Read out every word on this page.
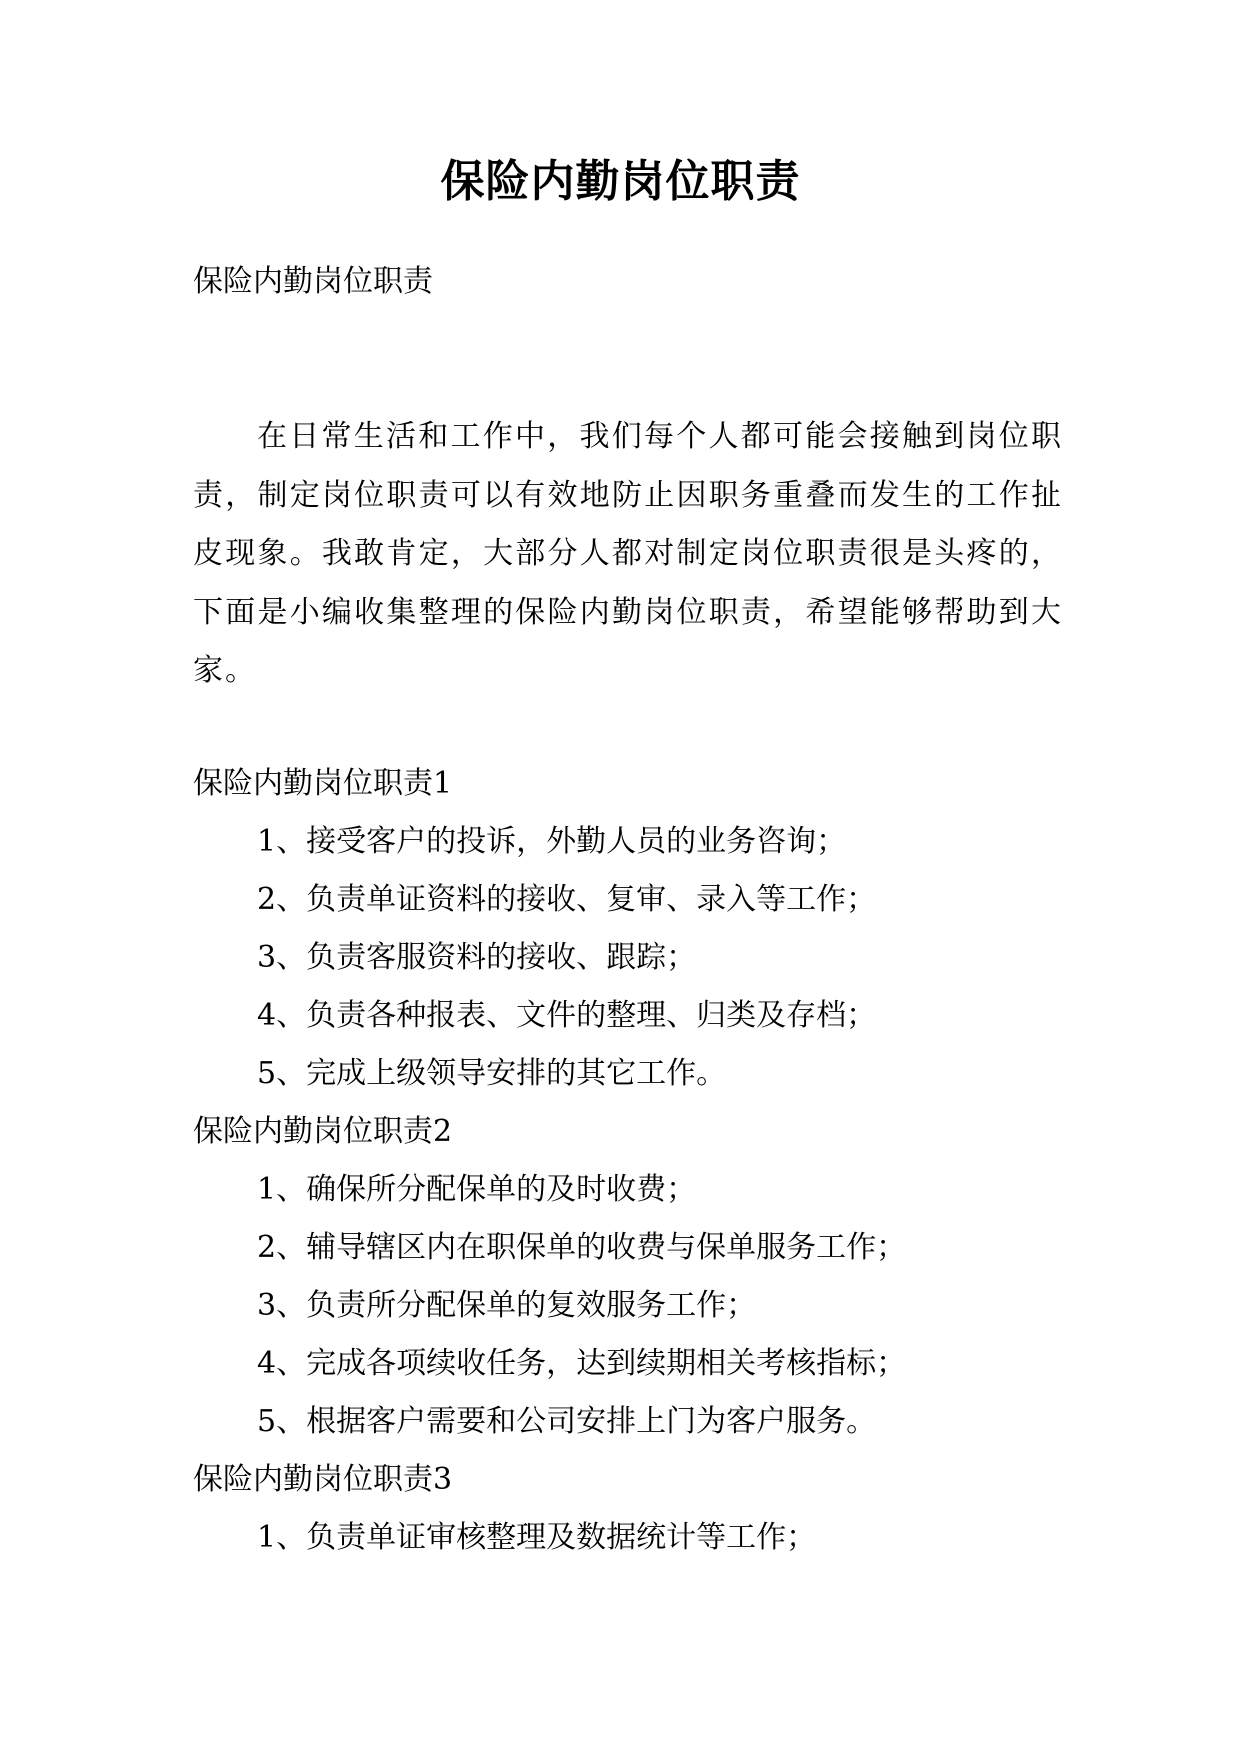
保险内勤岗位职责
保险内勤岗位职责
在日常生活和工作中，我们每个人都可能会接触到岗位职责，制定岗位职责可以有效地防止因职务重叠而发生的工作扯皮现象。我敢肯定，大部分人都对制定岗位职责很是头疼的，下面是小编收集整理的保险内勤岗位职责，希望能够帮助到大家。
保险内勤岗位职责1
1、接受客户的投诉，外勤人员的业务咨询；
2、负责单证资料的接收、复审、录入等工作；
3、负责客服资料的接收、跟踪；
4、负责各种报表、文件的整理、归类及存档；
5、完成上级领导安排的其它工作。
保险内勤岗位职责2
1、确保所分配保单的及时收费；
2、辅导辖区内在职保单的收费与保单服务工作；
3、负责所分配保单的复效服务工作；
4、完成各项续收任务，达到续期相关考核指标；
5、根据客户需要和公司安排上门为客户服务。
保险内勤岗位职责3
1、负责单证审核整理及数据统计等工作；
